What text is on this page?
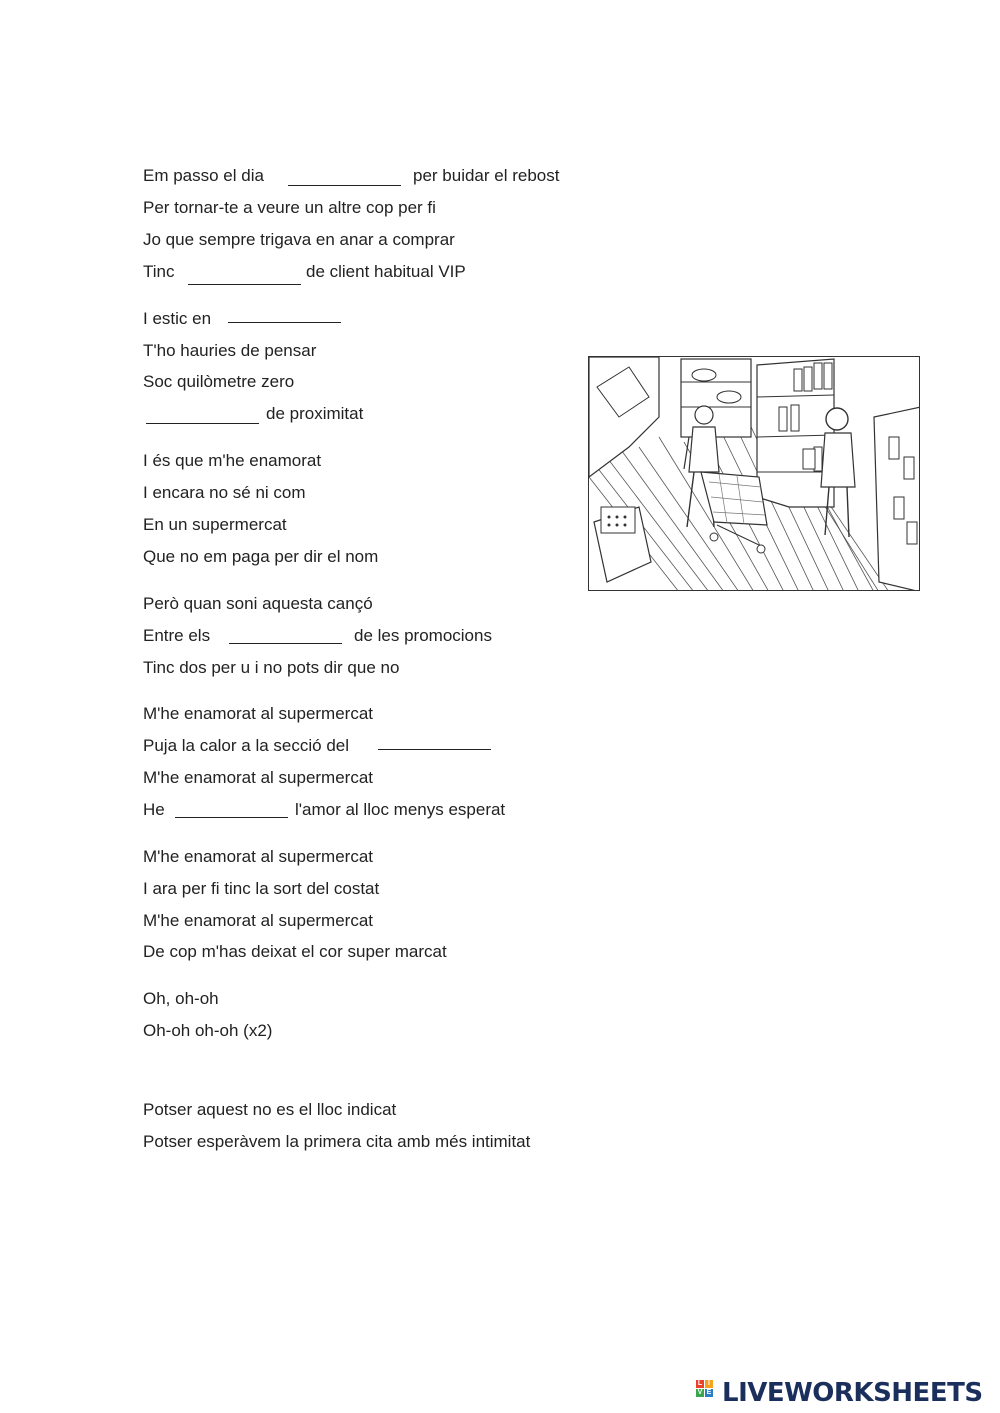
Em passo el dia	per buidar el rebost
Per tornar-te a veure un altre cop per fi
Jo que sempre trigava en anar a comprar
Tinc	de client habitual VIP
I estic en
T'ho hauries de pensar
Soc quilòmetre zero
de proximitat
I és que m'he enamorat
I encara no sé ni com
En un supermercat
Que no em paga per dir el nom
Però quan soni aquesta cançó
Entre els	de les promocions
Tinc dos per u i no pots dir que no
M'he enamorat al supermercat
Puja la calor a la secció del
M'he enamorat al supermercat
He	l'amor al lloc menys esperat
M'he enamorat al supermercat
I ara per fi tinc la sort del costat
M'he enamorat al supermercat
De cop m'has deixat el cor super marcat
Oh, oh-oh
Oh-oh oh-oh (x2)
Potser aquest no es el lloc indicat
Potser esperàvem la primera cita amb més intimitat
L I
V E LIVEWORKSHEETS
